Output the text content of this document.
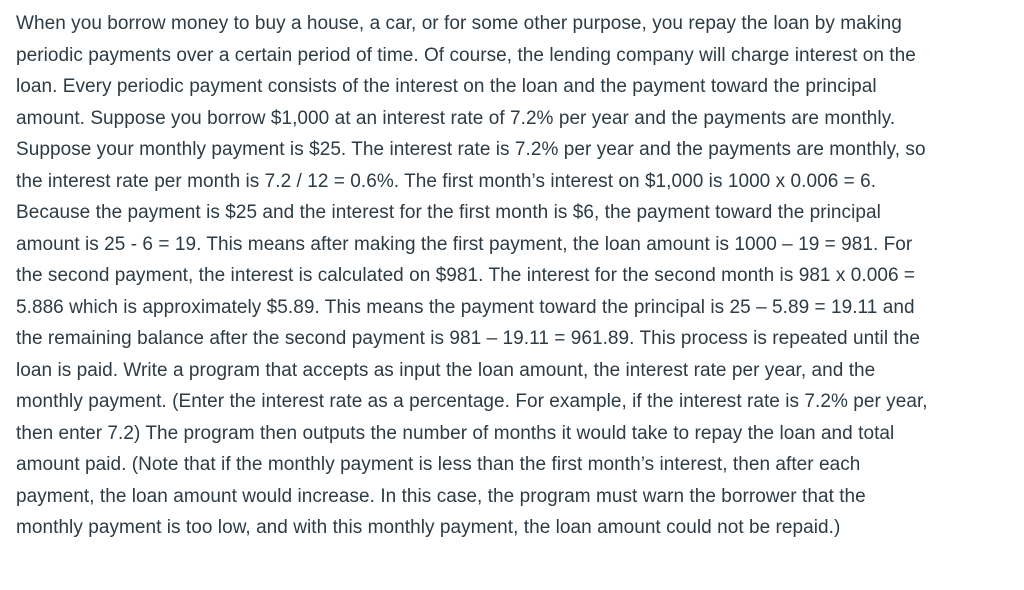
When you borrow money to buy a house, a car, or for some other purpose, you repay the loan by making

periodic payments over a certain period of time. Of course, the lending company will charge interest on the

loan. Every periodic payment consists of the interest on the loan and the payment toward the principal

amount. Suppose you borrow $1,000 at an interest rate of 7.2% per year and the payments are monthly.

Suppose your monthly payment is $25. The interest rate is 7.2% per year and the payments are monthly, so

the interest rate per month is 7.2 / 12 = 0.6%. The first month’s interest on $1,000 is 1000 x 0.006 = 6.

Because the payment is $25 and the interest for the first month is $6, the payment toward the principal

amount is 25 - 6 = 19. This means after making the first payment, the loan amount is 1000 – 19 = 981. For

the second payment, the interest is calculated on $981. The interest for the second month is 981 x 0.006 =

5.886 which is approximately $5.89. This means the payment toward the principal is 25 – 5.89 = 19.11 and

the remaining balance after the second payment is 981 – 19.11 = 961.89. This process is repeated until the

loan is paid. Write a program that accepts as input the loan amount, the interest rate per year, and the

monthly payment. (Enter the interest rate as a percentage. For example, if the interest rate is 7.2% per year,

then enter 7.2) The program then outputs the number of months it would take to repay the loan and total

amount paid. (Note that if the monthly payment is less than the first month’s interest, then after each

payment, the loan amount would increase. In this case, the program must warn the borrower that the

monthly payment is too low, and with this monthly payment, the loan amount could not be repaid.)
